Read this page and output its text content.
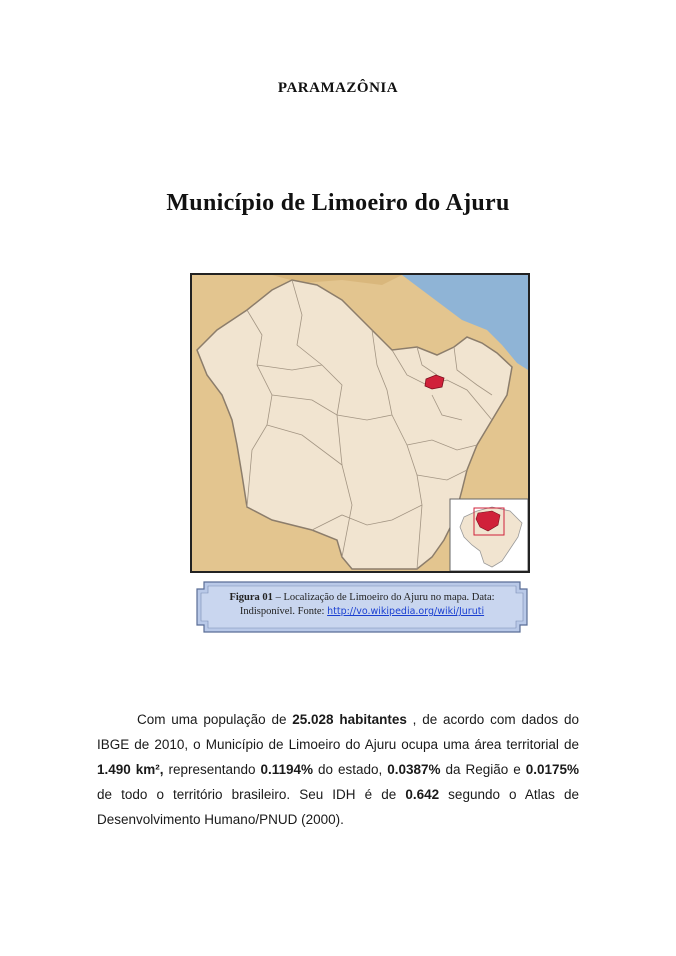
PARAMAZÔNIA
Município de Limoeiro do Ajuru
Figura 01 – Localização de Limoeiro do Ajuru no mapa. Data: Indisponível. Fonte: http://vo.wikipedia.org/wiki/Juruti
Com uma população de 25.028 habitantes , de acordo com dados do IBGE de 2010, o Município de Limoeiro do Ajuru ocupa uma área territorial de 1.490 km², representando 0.1194% do estado, 0.0387% da Região e 0.0175% de todo o território brasileiro. Seu IDH é de 0.642 segundo o Atlas de Desenvolvimento Humano/PNUD (2000).
